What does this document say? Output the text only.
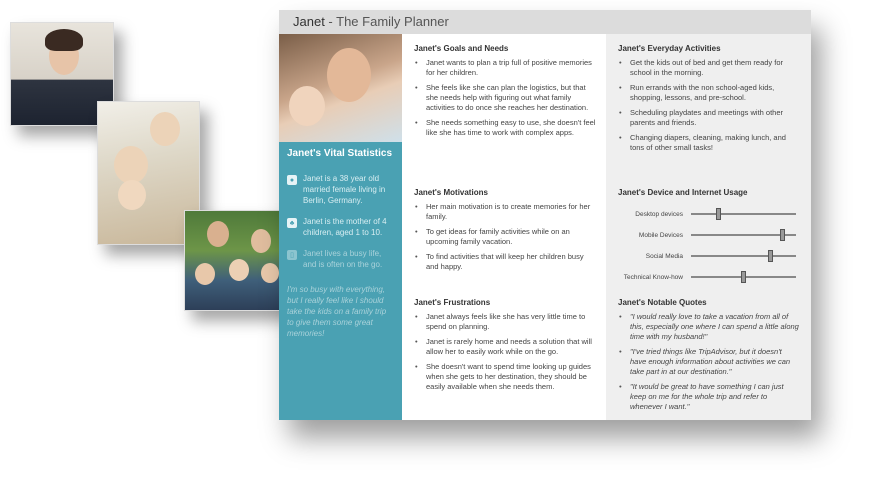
Janet - The Family Planner
Janet's Vital Statistics
●	Janet is a 38 year old married female living in Berlin, Germany.
♣	Janet is the mother of 4 children, aged 1 to 10.
▯	Janet lives a busy life, and is often on the go.
I'm so busy with everything, but I really feel like I should take the kids on a family trip to give them some great memories!
Janet's Goals and Needs
• Janet wants to plan a trip full of positive memories for her children.
• She feels like she can plan the logistics, but that she needs help with figuring out what family activities to do once she reaches her destination.
• She needs something easy to use, she doesn't feel like she has time to work with complex apps.
Janet's Motivations
• Her main motivation is to create memories for her family.
• To get ideas for family activities while on an upcoming family vacation.
• To find activities that will keep her children busy and happy.
Janet's Frustrations
• Janet always feels like she has very little time to spend on planning.
• Janet is rarely home and needs a solution that will allow her to easily work while on the go.
• She doesn't want to spend time looking up guides when she gets to her destination, they should be easily available when she needs them.
Janet's Everyday Activities
• Get the kids out of bed and get them ready for school in the morning.
• Run errands with the non school-aged kids, shopping, lessons, and pre-school.
• Scheduling playdates and meetings with other parents and friends.
• Changing diapers, cleaning, making lunch, and tons of other small tasks!
Janet's Device and Internet Usage
Desktop devices
Mobile Devices
Social Media
Technical Know-how
Janet's Notable Quotes
• "I would really love to take a vacation from all of this, especially one where I can spend a little along time with my husband!"
• "I've tried things like TripAdvisor, but it doesn't have enough information about activities we can take part in at our destination."
• "It would be great to have something I can just keep on me for the whole trip and refer to whenever I want."
